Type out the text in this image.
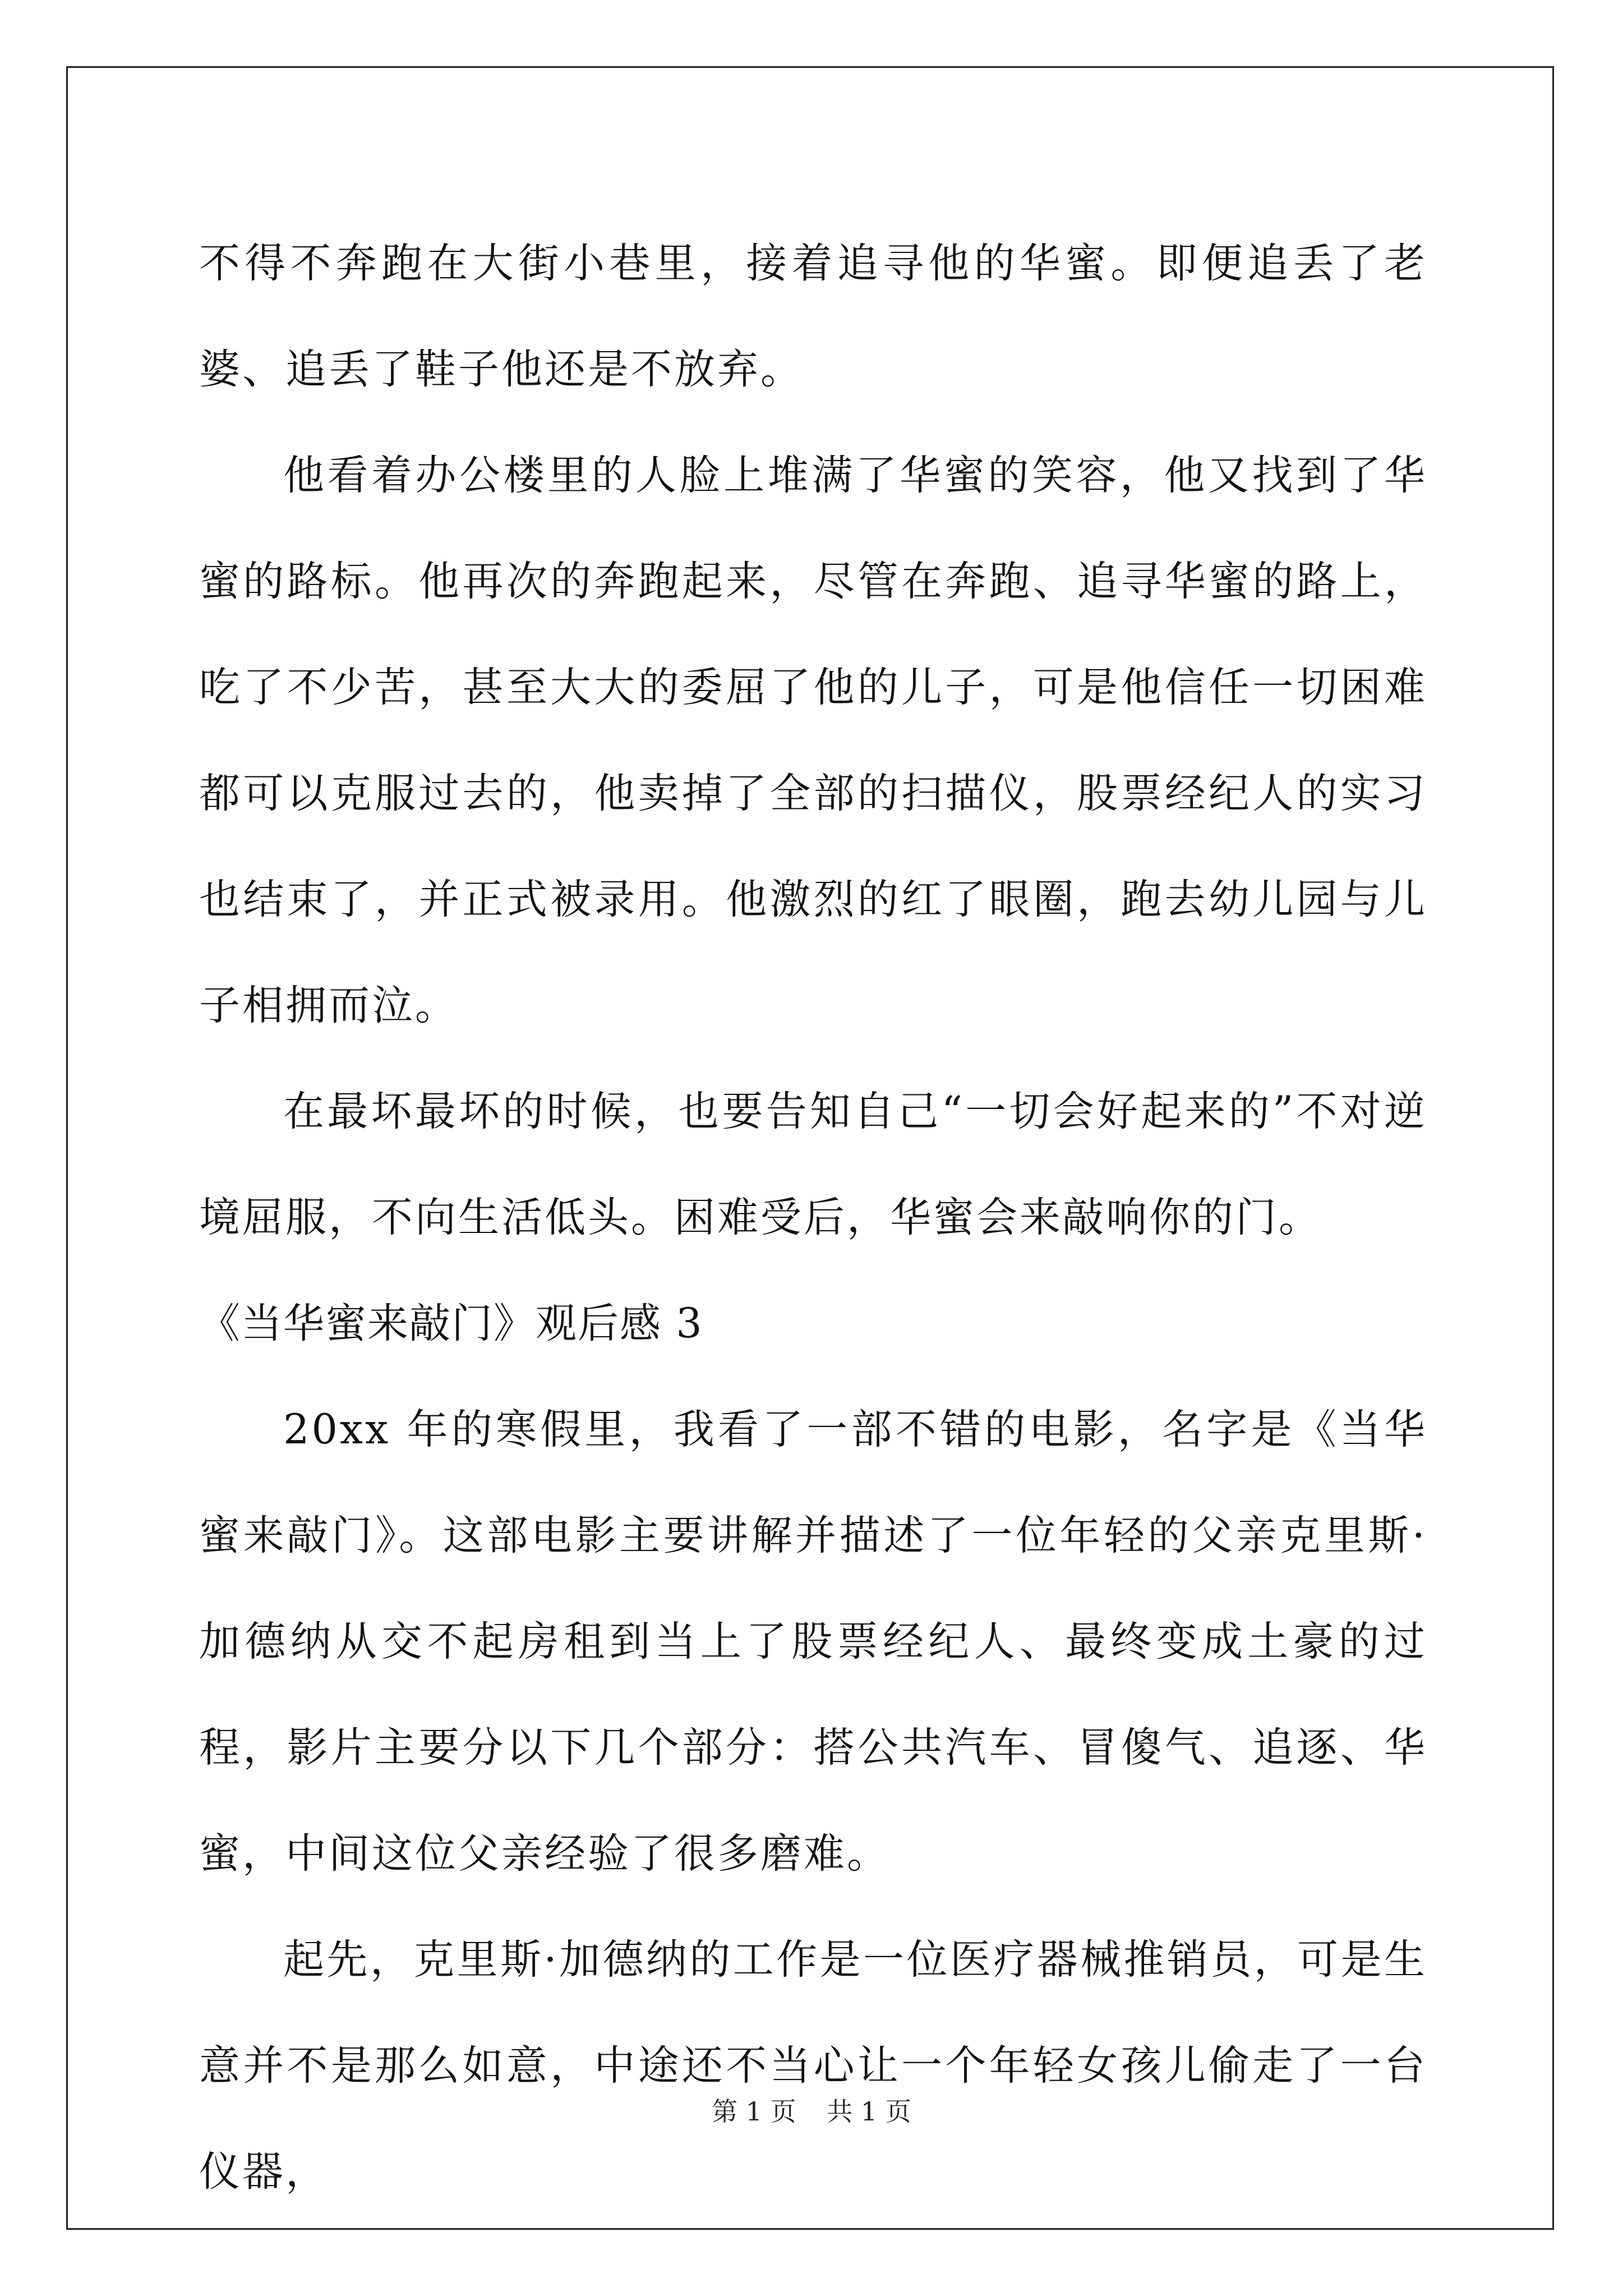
不得不奔跑在大街小巷里，接着追寻他的华蜜。即便追丢了老婆、追丢了鞋子他还是不放弃。

他看着办公楼里的人脸上堆满了华蜜的笑容，他又找到了华蜜的路标。他再次的奔跑起来，尽管在奔跑、追寻华蜜的路上，吃了不少苦，甚至大大的委屈了他的儿子，可是他信任一切困难都可以克服过去的，他卖掉了全部的扫描仪，股票经纪人的实习也结束了，并正式被录用。他激烈的红了眼圈，跑去幼儿园与儿子相拥而泣。

在最坏最坏的时候，也要告知自己“一切会好起来的”不对逆境屈服，不向生活低头。困难受后，华蜜会来敲响你的门。

《当华蜜来敲门》观后感 3

20xx 年的寒假里，我看了一部不错的电影，名字是《当华蜜来敲门》。这部电影主要讲解并描述了一位年轻的父亲克里斯·加德纳从交不起房租到当上了股票经纪人、最终变成土豪的过程，影片主要分以下几个部分：搭公共汽车、冒傻气、追逐、华蜜，中间这位父亲经验了很多磨难。

起先，克里斯·加德纳的工作是一位医疗器械推销员，可是生意并不是那么如意，中途还不当心让一个年轻女孩儿偷走了一台仪器，

第 1 页 共 1 页
